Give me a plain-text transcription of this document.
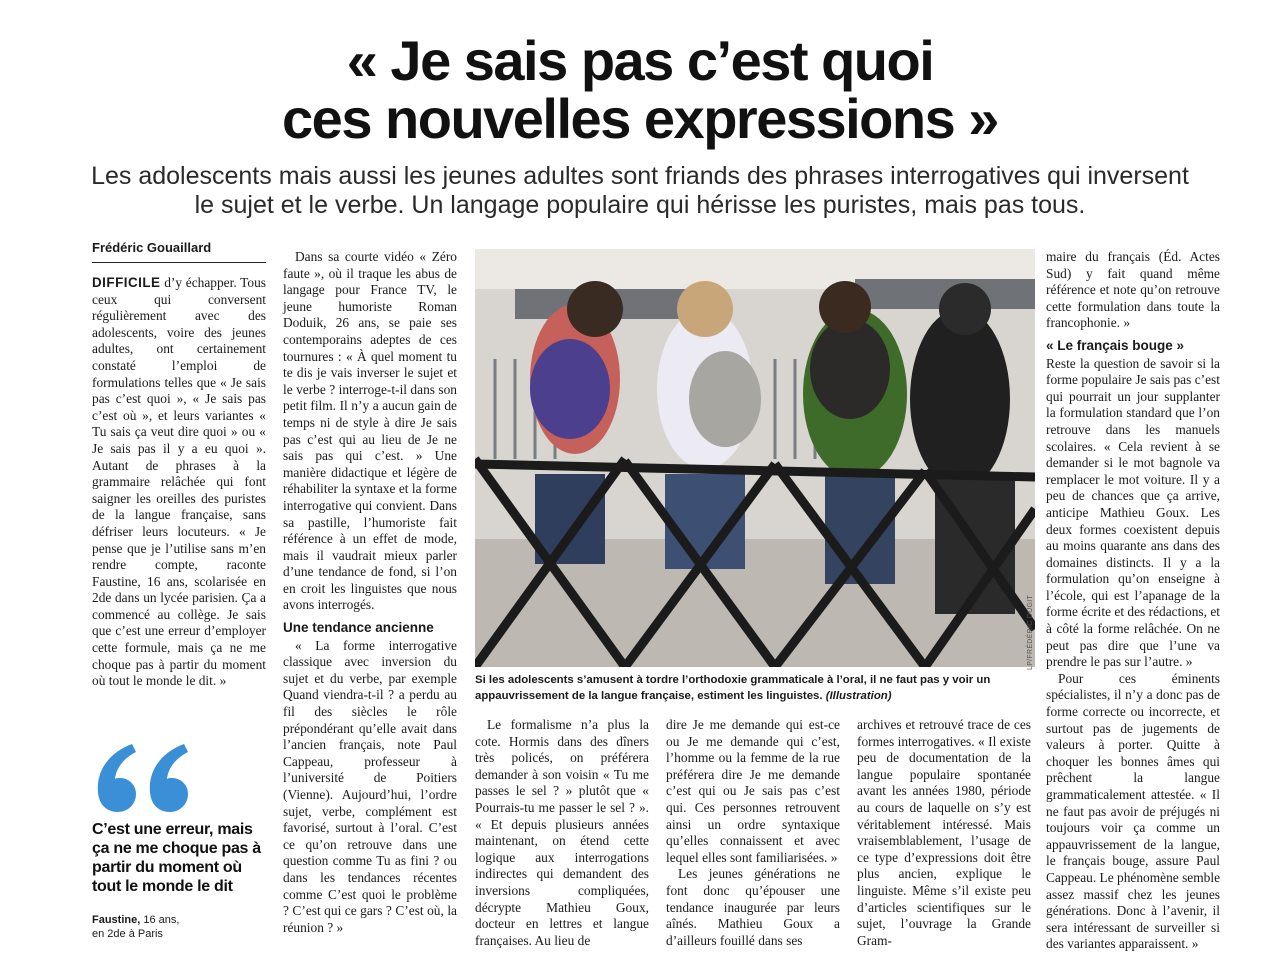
« Je sais pas c’est quoi
ces nouvelles expressions »

Les adolescents mais aussi les jeunes adultes sont friands des phrases interrogatives qui inversent
le sujet et le verbe. Un langage populaire qui hérisse les puristes, mais pas tous.

Frédéric Gouaillard

DIFFICILE d’y échapper. Tous ceux qui conversent régulièrement avec des adolescents, voire des jeunes adultes, ont certainement constaté l’emploi de formulations telles que « Je sais pas c’est quoi », « Je sais pas c’est où », et leurs variantes « Tu sais ça veut dire quoi » ou « Je sais pas il y a eu quoi ». Autant de phrases à la grammaire relâchée qui font saigner les oreilles des puristes de la langue française, sans défriser leurs locuteurs. « Je pense que je l’utilise sans m’en rendre compte, raconte Faustine, 16 ans, scolarisée en 2de dans un lycée parisien. Ça a commencé au collège. Je sais que c’est une erreur d’employer cette formule, mais ça ne me choque pas à partir du moment où tout le monde le dit. »

C’est une erreur, mais ça ne me choque pas à partir du moment où tout le monde le dit
Faustine, 16 ans,
en 2de à Paris

Dans sa courte vidéo « Zéro faute », où il traque les abus de langage pour France TV, le jeune humoriste Roman Doduik, 26 ans, se paie ses contemporains adeptes de ces tournures : « À quel moment tu te dis je vais inverser le sujet et le verbe ? interroge-t-il dans son petit film. Il n’y a aucun gain de temps ni de style à dire Je sais pas c’est qui au lieu de Je ne sais pas qui c’est. » Une manière didactique et légère de réhabiliter la syntaxe et la forme interrogative qui convient. Dans sa pastille, l’humoriste fait référence à un effet de mode, mais il vaudrait mieux parler d’une tendance de fond, si l’on en croit les linguistes que nous avons interrogés.

Une tendance ancienne

« La forme interrogative classique avec inversion du sujet et du verbe, par exemple Quand viendra-t-il ? a perdu au fil des siècles le rôle prépondérant qu’elle avait dans l’ancien français, note Paul Cappeau, professeur à l’université de Poitiers (Vienne). Aujourd’hui, l’ordre sujet, verbe, complément est favorisé, surtout à l’oral. C’est ce qu’on retrouve dans une question comme Tu as fini ? ou dans les tendances récentes comme C’est quoi le problème ? C’est qui ce gars ? C’est où, la réunion ? »

LP/FRÉDÉRIC DUGIT
Si les adolescents s’amusent à tordre l’orthodoxie grammaticale à l’oral, il ne faut pas y voir un appauvrissement de la langue française, estiment les linguistes. (Illustration)

Le formalisme n’a plus la cote. Hormis dans des dîners très policés, on préférera demander à son voisin « Tu me passes le sel ? » plutôt que « Pourrais-tu me passer le sel ? ». « Et depuis plusieurs années maintenant, on étend cette logique aux interrogations indirectes qui demandent des inversions compliquées, décrypte Mathieu Goux, docteur en lettres et langue françaises. Au lieu de

dire Je me demande qui est-ce ou Je me demande qui c’est, l’homme ou la femme de la rue préférera dire Je me demande c’est qui ou Je sais pas c’est qui. Ces personnes retrouvent ainsi un ordre syntaxique qu’elles connaissent et avec lequel elles sont familiarisées. »

Les jeunes générations ne font donc qu’épouser une tendance inaugurée par leurs aînés. Mathieu Goux a d’ailleurs fouillé dans ses

archives et retrouvé trace de ces formes interrogatives. « Il existe peu de documentation de la langue populaire spontanée avant les années 1980, période au cours de laquelle on s’y est véritablement intéressé. Mais vraisemblablement, l’usage de ce type d’expressions doit être plus ancien, explique le linguiste. Même s’il existe peu d’articles scientifiques sur le sujet, l’ouvrage la Grande Gram-

maire du français (Éd. Actes Sud) y fait quand même référence et note qu’on retrouve cette formulation dans toute la francophonie. »

« Le français bouge »

Reste la question de savoir si la forme populaire Je sais pas c’est qui pourrait un jour supplanter la formulation standard que l’on retrouve dans les manuels scolaires. « Cela revient à se demander si le mot bagnole va remplacer le mot voiture. Il y a peu de chances que ça arrive, anticipe Mathieu Goux. Les deux formes coexistent depuis au moins quarante ans dans des domaines distincts. Il y a la formulation qu’on enseigne à l’école, qui est l’apanage de la forme écrite et des rédactions, et à côté la forme relâchée. On ne peut pas dire que l’une va prendre le pas sur l’autre. »

Pour ces éminents spécialistes, il n’y a donc pas de forme correcte ou incorrecte, et surtout pas de jugements de valeurs à porter. Quitte à choquer les bonnes âmes qui prêchent la langue grammaticalement attestée. « Il ne faut pas avoir de préjugés ni toujours voir ça comme un appauvrissement de la langue, le français bouge, assure Paul Cappeau. Le phénomène semble assez massif chez les jeunes générations. Donc à l’avenir, il sera intéressant de surveiller si des variantes apparaissent. »
